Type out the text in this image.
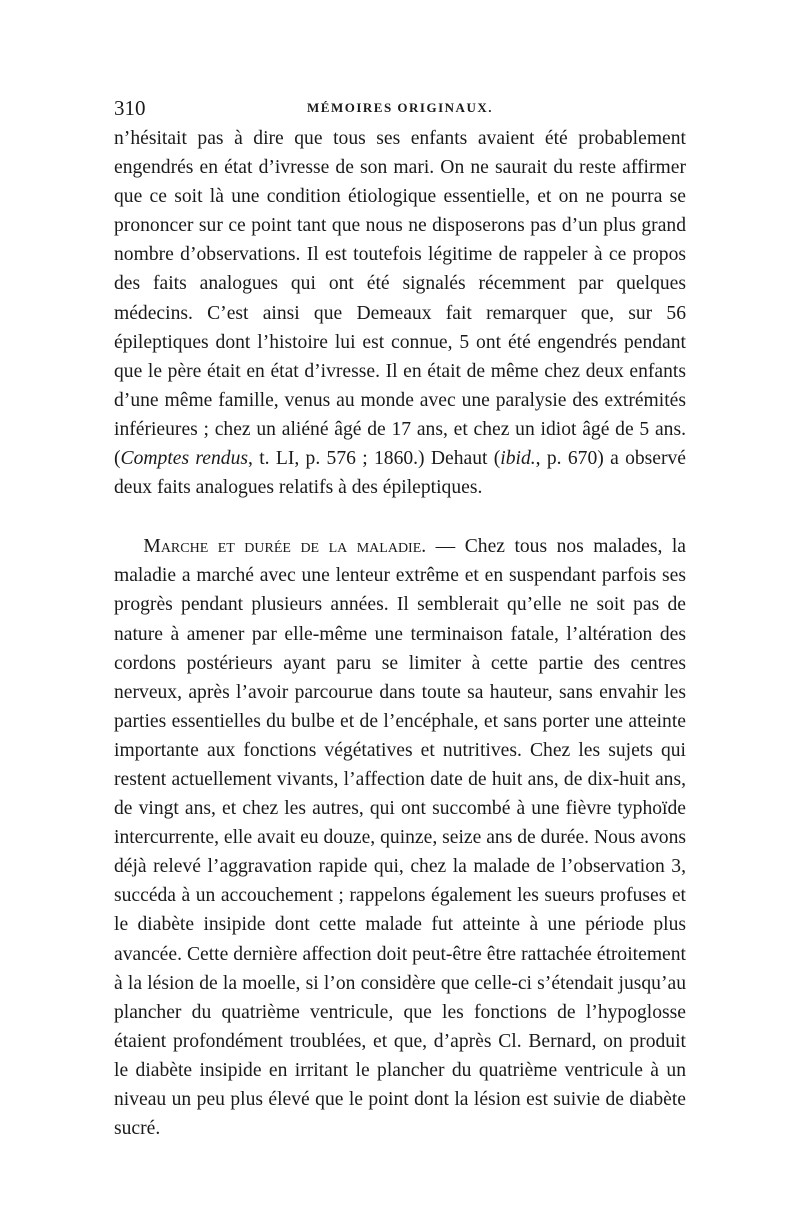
310	MÉMOIRES ORIGINAUX.

n’hésitait pas à dire que tous ses enfants avaient été probablement engendrés en état d’ivresse de son mari. On ne saurait du reste affirmer que ce soit là une condition étiologique essentielle, et on ne pourra se prononcer sur ce point tant que nous ne disposerons pas d’un plus grand nombre d’observations. Il est toutefois légitime de rappeler à ce propos des faits analogues qui ont été signalés récemment par quelques médecins. C’est ainsi que Demeaux fait remarquer que, sur 56 épileptiques dont l’histoire lui est connue, 5 ont été engendrés pendant que le père était en état d’ivresse. Il en était de même chez deux enfants d’une même famille, venus au monde avec une paralysie des extrémités inférieures ; chez un aliéné âgé de 17 ans, et chez un idiot âgé de 5 ans. (Comptes rendus, t. LI, p. 576 ; 1860.) Dehaut (ibid., p. 670) a observé deux faits analogues relatifs à des épileptiques.

Marche et durée de la maladie. — Chez tous nos malades, la maladie a marché avec une lenteur extrême et en suspendant parfois ses progrès pendant plusieurs années. Il semblerait qu’elle ne soit pas de nature à amener par elle-même une terminaison fatale, l’altération des cordons postérieurs ayant paru se limiter à cette partie des centres nerveux, après l’avoir parcourue dans toute sa hauteur, sans envahir les parties essentielles du bulbe et de l’encéphale, et sans porter une atteinte importante aux fonctions végétatives et nutritives. Chez les sujets qui restent actuellement vivants, l’affection date de huit ans, de dix-huit ans, de vingt ans, et chez les autres, qui ont succombé à une fièvre typhoïde intercurrente, elle avait eu douze, quinze, seize ans de durée. Nous avons déjà relevé l’aggravation rapide qui, chez la malade de l’observation 3, succéda à un accouchement ; rappelons également les sueurs profuses et le diabète insipide dont cette malade fut atteinte à une période plus avancée. Cette dernière affection doit peut-être être rattachée étroitement à la lésion de la moelle, si l’on considère que celle-ci s’étendait jusqu’au plancher du quatrième ventricule, que les fonctions de l’hypoglosse étaient profondément troublées, et que, d’après Cl. Bernard, on produit le diabète insipide en irritant le plancher du quatrième ventricule à un niveau un peu plus élevé que le point dont la lésion est suivie de diabète sucré.
